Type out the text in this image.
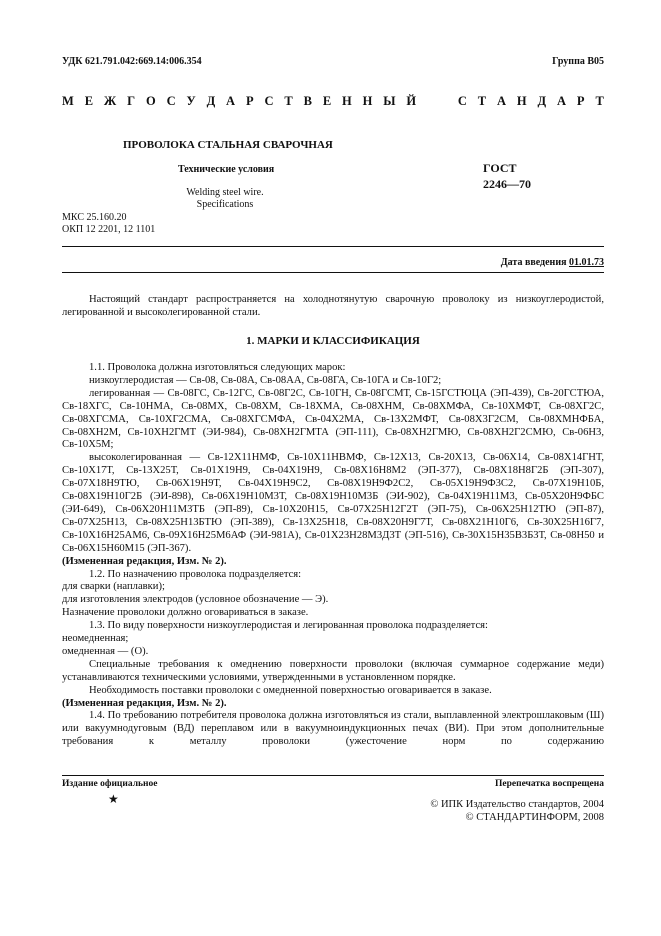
УДК 621.791.042:669.14:006.354	Группа В05
М Е Ж Г О С У Д А Р С Т В Е Н Н Ы Й	С Т А Н Д А Р Т
ПРОВОЛОКА СТАЛЬНАЯ СВАРОЧНАЯ
Технические условия
Welding steel wire.
Specifications
ГОСТ
2246—70
МКС 25.160.20
ОКП 12 2201, 12 1101
Дата введения 01.01.73

Настоящий стандарт распространяется на холоднотянутую сварочную проволоку из низкоуглеродистой, легированной и высоколегированной стали.

1. МАРКИ И КЛАССИФИКАЦИЯ

1.1. Проволока должна изготовляться следующих марок:

низкоуглеродистая — Св-08, Св-08А, Св-08АА, Св-08ГА, Св-10ГА и Св-10Г2;

легированная — Св-08ГС, Св-12ГС, Св-08Г2С, Св-10ГН, Св-08ГСМТ, Св-15ГСТЮЦА (ЭП-439), Св-20ГСТЮА, Св-18ХГС, Св-10НМА, Св-08МХ, Св-08ХМ, Св-18ХМА, Св-08ХНМ, Св-08ХМФА, Св-10ХМФТ, Св-08ХГ2С, Св-08ХГСМА, Св-10ХГ2СМА, Св-08ХГСМФА, Св-04Х2МА, Св-13Х2МФТ, Св-08Х3Г2СМ, Св-08ХМНФБА, Св-08ХН2М, Св-10ХН2ГМТ (ЭИ-984), Св-08ХН2ГМТА (ЭП-111), Св-08ХН2ГМЮ, Св-08ХН2Г2СМЮ, Св-06Н3, Св-10Х5М;

высоколегированная — Св-12Х11НМФ, Св-10Х11НВМФ, Св-12Х13, Св-20Х13, Св-06Х14, Св-08Х14ГНТ, Св-10Х17Т, Св-13Х25Т, Св-01Х19Н9, Св-04Х19Н9, Св-08Х16Н8М2 (ЭП-377), Св-08Х18Н8Г2Б (ЭП-307), Св-07Х18Н9ТЮ, Св-06Х19Н9Т, Св-04Х19Н9С2, Св-08Х19Н9Ф2С2, Св-05Х19Н9Ф3С2, Св-07Х19Н10Б, Св-08Х19Н10Г2Б (ЭИ-898), Св-06Х19Н10М3Т, Св-08Х19Н10М3Б (ЭИ-902), Св-04Х19Н11М3, Св-05Х20Н9ФБС (ЭИ-649), Св-06Х20Н11М3ТБ (ЭП-89), Св-10Х20Н15, Св-07Х25Н12Г2Т (ЭП-75), Св-06Х25Н12ТЮ (ЭП-87), Св-07Х25Н13, Св-08Х25Н13БТЮ (ЭП-389), Св-13Х25Н18, Св-08Х20Н9Г7Т, Св-08Х21Н10Г6, Св-30Х25Н16Г7, Св-10Х16Н25АМ6, Св-09Х16Н25М6АФ (ЭИ-981А), Св-01Х23Н28М3Д3Т (ЭП-516), Св-30Х15Н35В3Б3Т, Св-08Н50 и Св-06Х15Н60М15 (ЭП-367).

(Измененная редакция, Изм. № 2).

1.2. По назначению проволока подразделяется:

для сварки (наплавки);

для изготовления электродов (условное обозначение — Э).

Назначение проволоки должно оговариваться в заказе.

1.3. По виду поверхности низкоуглеродистая и легированная проволока подразделяется:

неомедненная;

омедненная — (О).

Специальные требования к омеднению поверхности проволоки (включая суммарное содержание меди) устанавливаются техническими условиями, утвержденными в установленном порядке.

Необходимость поставки проволоки с омедненной поверхностью оговаривается в заказе.

(Измененная редакция, Изм. № 2).

1.4. По требованию потребителя проволока должна изготовляться из стали, выплавленной электрошлаковым (Ш) или вакуумнодуговым (ВД) переплавом или в вакуумноиндукционных печах (ВИ). При этом дополнительные требования к металлу проволоки (ужесточение норм по содержанию

Издание официальное	Перепечатка воспрещена
★	© ИПК Издательство стандартов, 2004
© СТАНДАРТИНФОРМ, 2008
